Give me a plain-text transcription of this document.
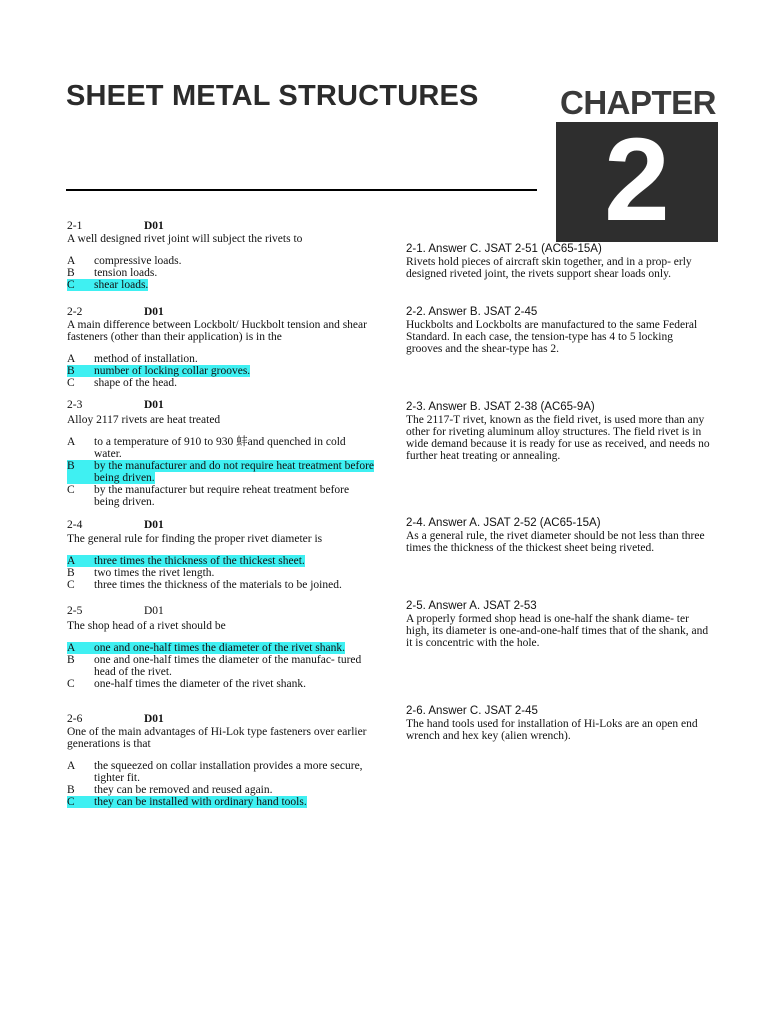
SHEET METAL STRUCTURES CHAPTER
2
2-1	D01
A well designed rivet joint will subject the rivets to
A	compressive loads.
B	tension loads.
C	shear loads.
2-2	D01
A main difference between Lockbolt/ Huckbolt tension and shear fasteners (other than their application) is in the
A	method of installation.
B	number of locking collar grooves.
C	shape of the head.
2-3	D01
Alloy 2117 rivets are heat treated
A	to a temperature of 910 to 930 蚌and quenched in cold water.
B	by the manufacturer and do not require heat treatment before being driven.
C	by the manufacturer but require reheat treatment before being driven.
2-4	D01
The general rule for finding the proper rivet diameter is
A	three times the thickness of the thickest sheet.
B	two times the rivet length.
C	three times the thickness of the materials to be joined.
2-5	D01
The shop head of a rivet should be
A	one and one-half times the diameter of the rivet shank.
B	one and one-half times the diameter of the manufac- tured head of the rivet.
C	one-half times the diameter of the rivet shank.
2-6	D01
One of the main advantages of Hi-Lok type fasteners over earlier generations is that
A	the squeezed on collar installation provides a more secure, tighter fit.
B	they can be removed and reused again.
C	they can be installed with ordinary hand tools.
2-1. Answer C. JSAT 2-51 (AC65-15A)
Rivets hold pieces of aircraft skin together, and in a prop- erly designed riveted joint, the rivets support shear loads only.
2-2. Answer B. JSAT 2-45
Huckbolts and Lockbolts are manufactured to the same Federal Standard. In each case, the tension-type has 4 to 5 locking grooves and the shear-type has 2.
2-3. Answer B. JSAT 2-38 (AC65-9A)
The 2117-T rivet, known as the field rivet, is used more than any other for riveting aluminum alloy structures. The field rivet is in wide demand because it is ready for use as received, and needs no further heat treating or annealing.
2-4. Answer A. JSAT 2-52 (AC65-15A)
As a general rule, the rivet diameter should be not less than three times the thickness of the thickest sheet being riveted.
2-5. Answer A. JSAT 2-53
A properly formed shop head is one-half the shank diame- ter high, its diameter is one-and-one-half times that of the shank, and it is concentric with the hole.
2-6. Answer C. JSAT 2-45
The hand tools used for installation of Hi-Loks are an open end wrench and hex key (alien wrench).
